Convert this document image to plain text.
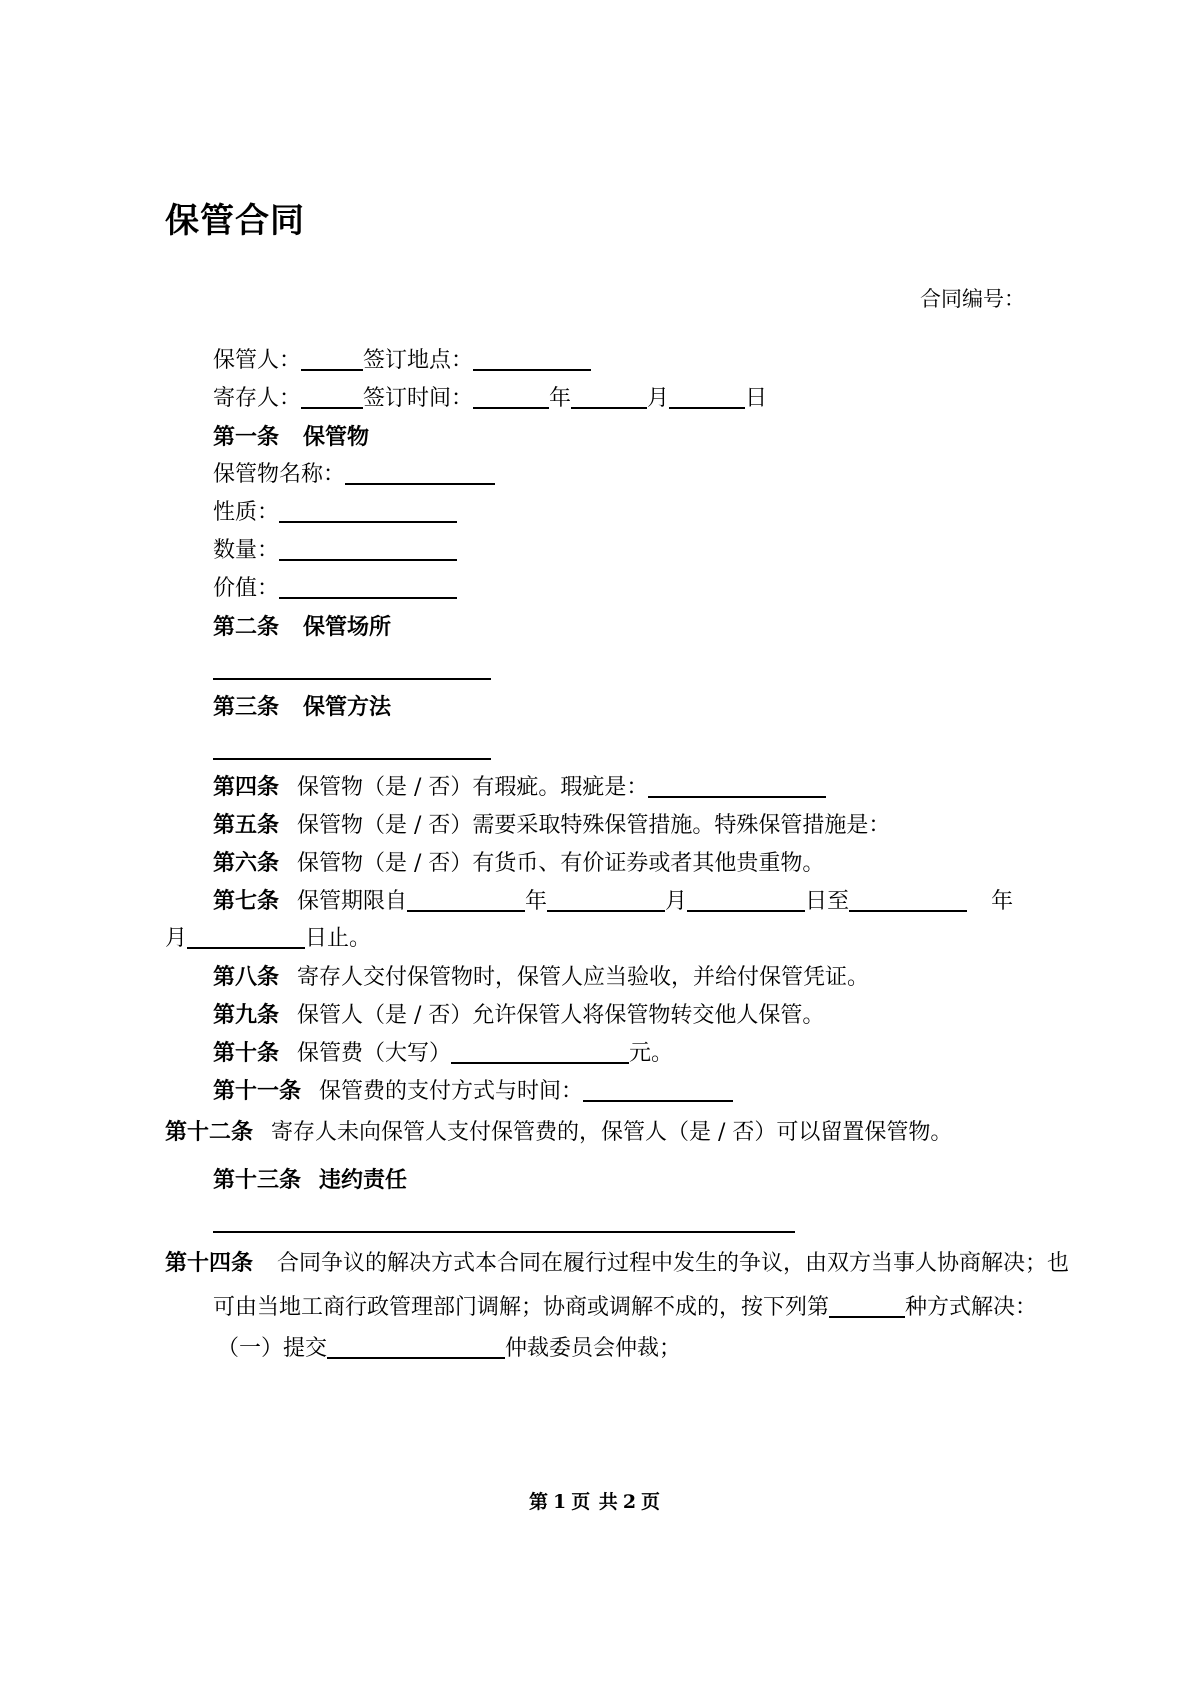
保管合同
合同编号：
保管人：	签订地点：
寄存人：	签订时间：	年	月	日
第一条 保管物
保管物名称：
性质：
数量：
价值：
第二条 保管场所
第三条 保管方法
第四条 保管物（是 / 否）有瑕疵。瑕疵是：
第五条 保管物（是 / 否）需要采取特殊保管措施。特殊保管措施是：
第六条 保管物（是 / 否）有货币、有价证券或者其他贵重物。
第七条 保管期限自	年	月	日至	年
月	日止。
第八条 寄存人交付保管物时，保管人应当验收，并给付保管凭证。
第九条 保管人（是 / 否）允许保管人将保管物转交他人保管。
第十条 保管费（大写）	元。
第十一条 保管费的支付方式与时间：
第十二条 寄存人未向保管人支付保管费的，保管人（是 / 否）可以留置保管物。
第十三条 违约责任
第十四条 合同争议的解决方式本合同在履行过程中发生的争议，由双方当事人协商解决；也可由当地工商行政管理部门调解；协商或调解不成的，按下列第	种方式解决：
（一）提交	仲裁委员会仲裁；
第 1 页 共 2 页
